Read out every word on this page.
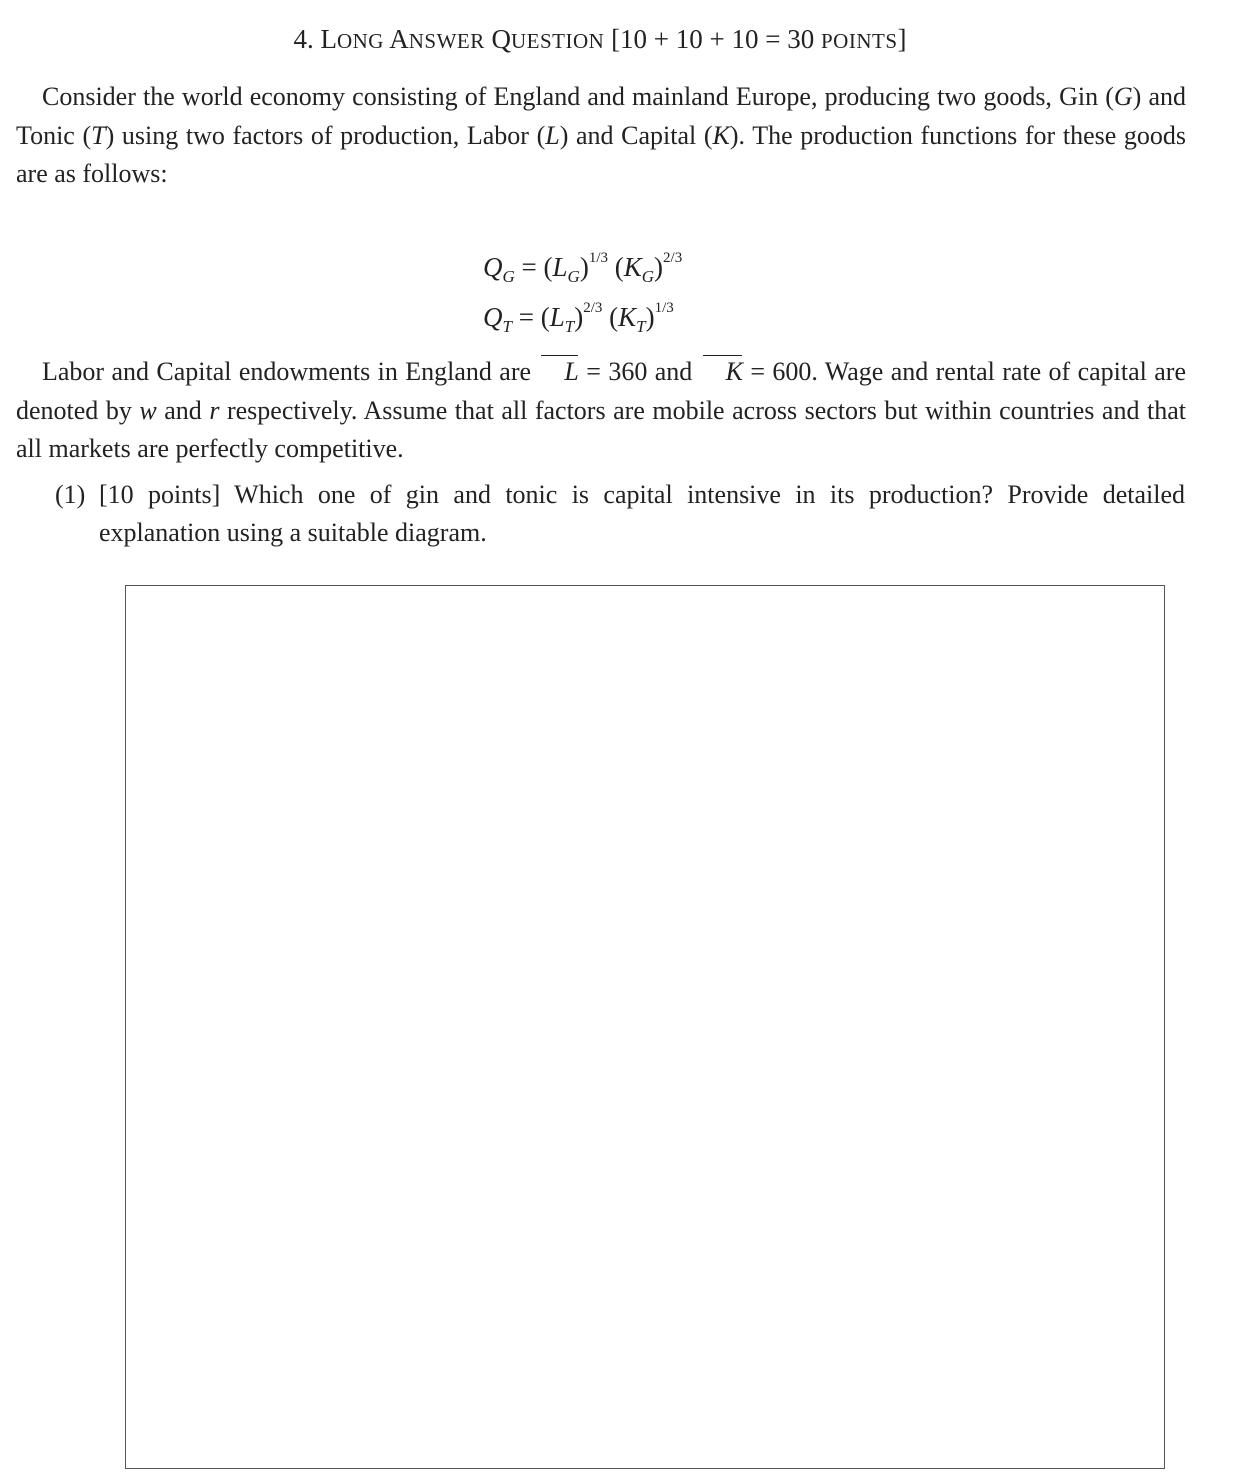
4. LONG ANSWER QUESTION [10 + 10 + 10 = 30 POINTS]

Consider the world economy consisting of England and mainland Europe, producing two goods, Gin (G) and Tonic (T) using two factors of production, Labor (L) and Capital (K). The production functions for these goods are as follows:

$Q_G = (L_G)^{1/3}$ $(K_G)^{2/3}$
$Q_T = (L_T)^{2/3}$ $(K_T)^{1/3}$

Labor and Capital endowments in England are L = 360 and K = 600. Wage and rental rate of capital are denoted by w and r respectively. Assume that all factors are mobile across sectors but within countries and that all markets are perfectly competitive.

(1) [10 points] Which one of gin and tonic is capital intensive in its production? Provide detailed explanation using a suitable diagram.
